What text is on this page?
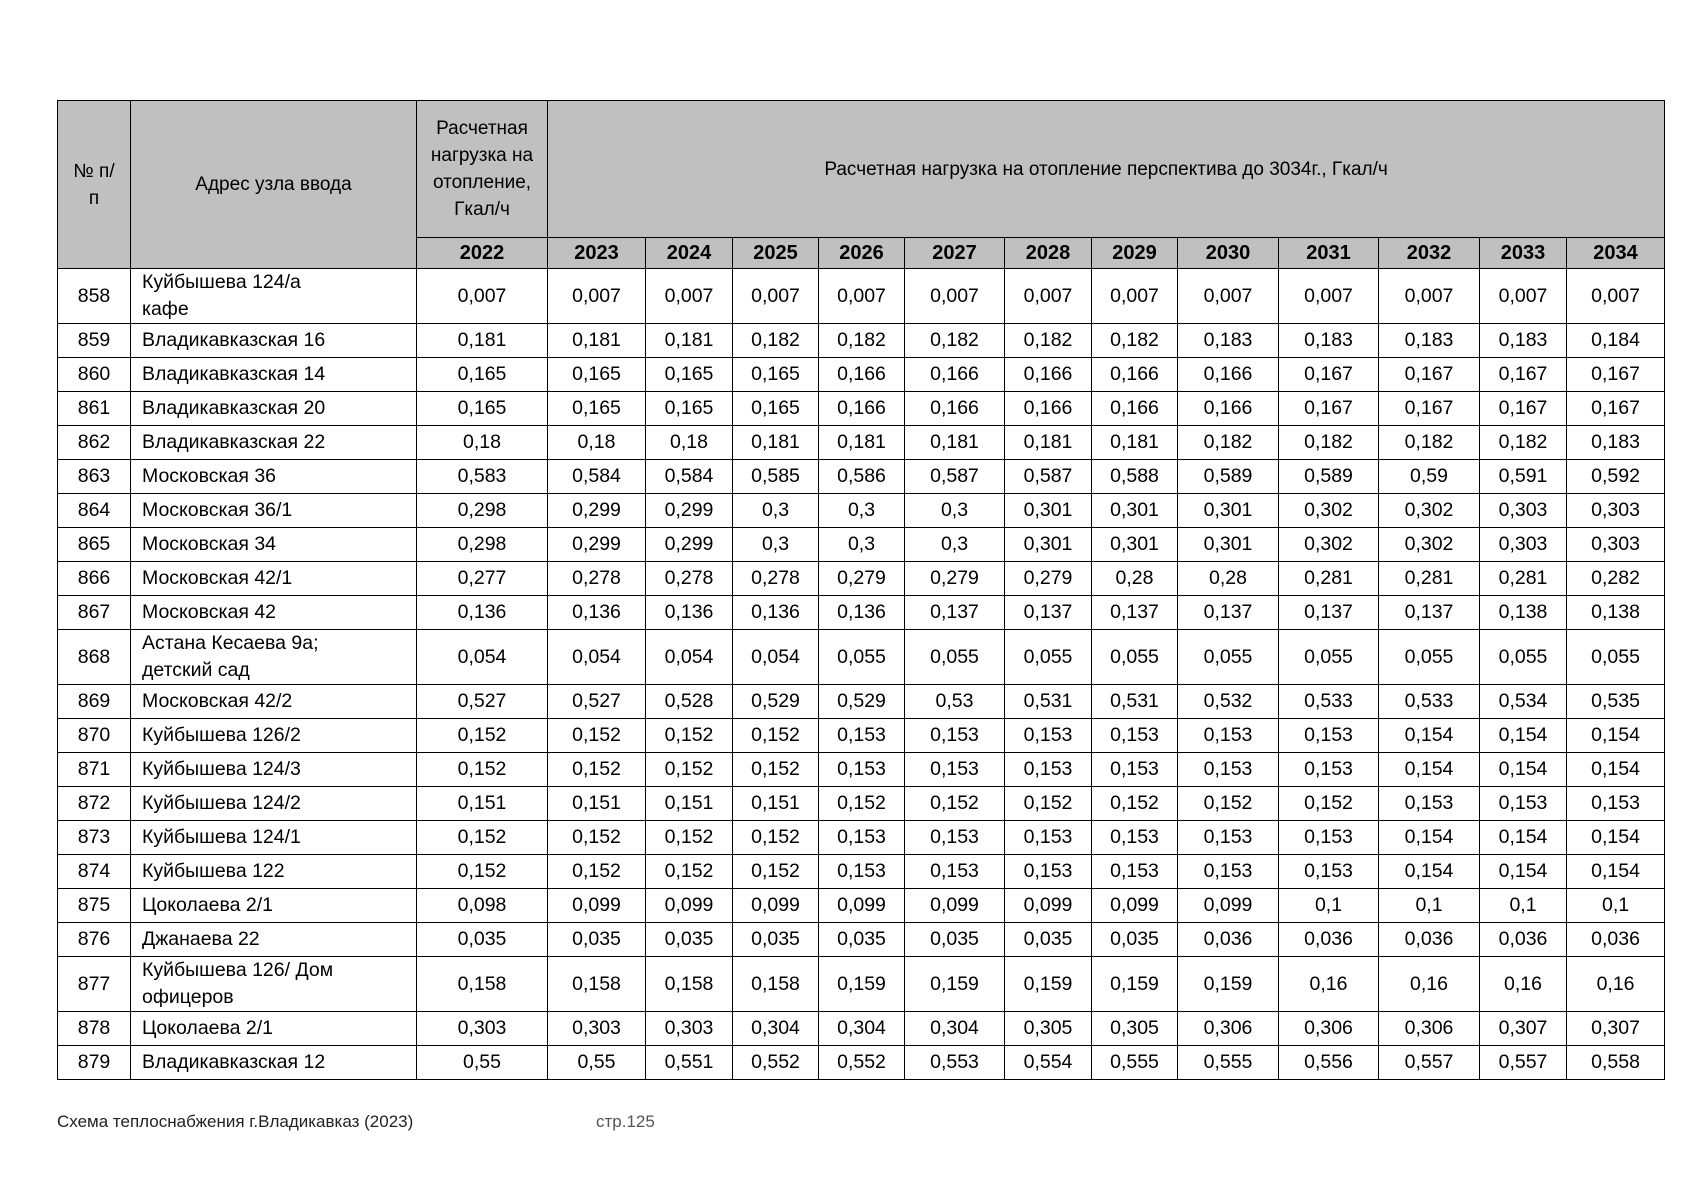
№ п/п	Адрес узла ввода	Расчетная нагрузка на отопление, Гкал/ч	Расчетная нагрузка на отопление перспектива до 3034г., Гкал/ч											
		2022	2023	2024	2025	2026	2027	2028	2029	2030	2031	2032	2033	2034
858	Куйбышева 124/а кафе	0,007	0,007	0,007	0,007	0,007	0,007	0,007	0,007	0,007	0,007	0,007	0,007	0,007
859	Владикавказская 16	0,181	0,181	0,181	0,182	0,182	0,182	0,182	0,182	0,183	0,183	0,183	0,183	0,184
860	Владикавказская 14	0,165	0,165	0,165	0,165	0,166	0,166	0,166	0,166	0,166	0,167	0,167	0,167	0,167
861	Владикавказская 20	0,165	0,165	0,165	0,165	0,166	0,166	0,166	0,166	0,166	0,167	0,167	0,167	0,167
862	Владикавказская 22	0,18	0,18	0,18	0,181	0,181	0,181	0,181	0,181	0,182	0,182	0,182	0,182	0,183
863	Московская 36	0,583	0,584	0,584	0,585	0,586	0,587	0,587	0,588	0,589	0,589	0,59	0,591	0,592
864	Московская 36/1	0,298	0,299	0,299	0,3	0,3	0,3	0,301	0,301	0,301	0,302	0,302	0,303	0,303
865	Московская 34	0,298	0,299	0,299	0,3	0,3	0,3	0,301	0,301	0,301	0,302	0,302	0,303	0,303
866	Московская 42/1	0,277	0,278	0,278	0,278	0,279	0,279	0,279	0,28	0,28	0,281	0,281	0,281	0,282
867	Московская 42	0,136	0,136	0,136	0,136	0,136	0,137	0,137	0,137	0,137	0,137	0,137	0,138	0,138
868	Астана Кесаева 9а; детский сад	0,054	0,054	0,054	0,054	0,055	0,055	0,055	0,055	0,055	0,055	0,055	0,055	0,055
869	Московская 42/2	0,527	0,527	0,528	0,529	0,529	0,53	0,531	0,531	0,532	0,533	0,533	0,534	0,535
870	Куйбышева 126/2	0,152	0,152	0,152	0,152	0,153	0,153	0,153	0,153	0,153	0,153	0,154	0,154	0,154
871	Куйбышева 124/3	0,152	0,152	0,152	0,152	0,153	0,153	0,153	0,153	0,153	0,153	0,154	0,154	0,154
872	Куйбышева 124/2	0,151	0,151	0,151	0,151	0,152	0,152	0,152	0,152	0,152	0,152	0,153	0,153	0,153
873	Куйбышева 124/1	0,152	0,152	0,152	0,152	0,153	0,153	0,153	0,153	0,153	0,153	0,154	0,154	0,154
874	Куйбышева 122	0,152	0,152	0,152	0,152	0,153	0,153	0,153	0,153	0,153	0,153	0,154	0,154	0,154
875	Цоколаева 2/1	0,098	0,099	0,099	0,099	0,099	0,099	0,099	0,099	0,099	0,1	0,1	0,1	0,1
876	Джанаева 22	0,035	0,035	0,035	0,035	0,035	0,035	0,035	0,035	0,036	0,036	0,036	0,036	0,036
877	Куйбышева 126/ Дом офицеров	0,158	0,158	0,158	0,158	0,159	0,159	0,159	0,159	0,159	0,16	0,16	0,16	0,16
878	Цоколаева 2/1	0,303	0,303	0,303	0,304	0,304	0,304	0,305	0,305	0,306	0,306	0,306	0,307	0,307
879	Владикавказская 12	0,55	0,55	0,551	0,552	0,552	0,553	0,554	0,555	0,555	0,556	0,557	0,557	0,558
Схема теплоснабжения г.Владикавказ (2023)	стр.125
